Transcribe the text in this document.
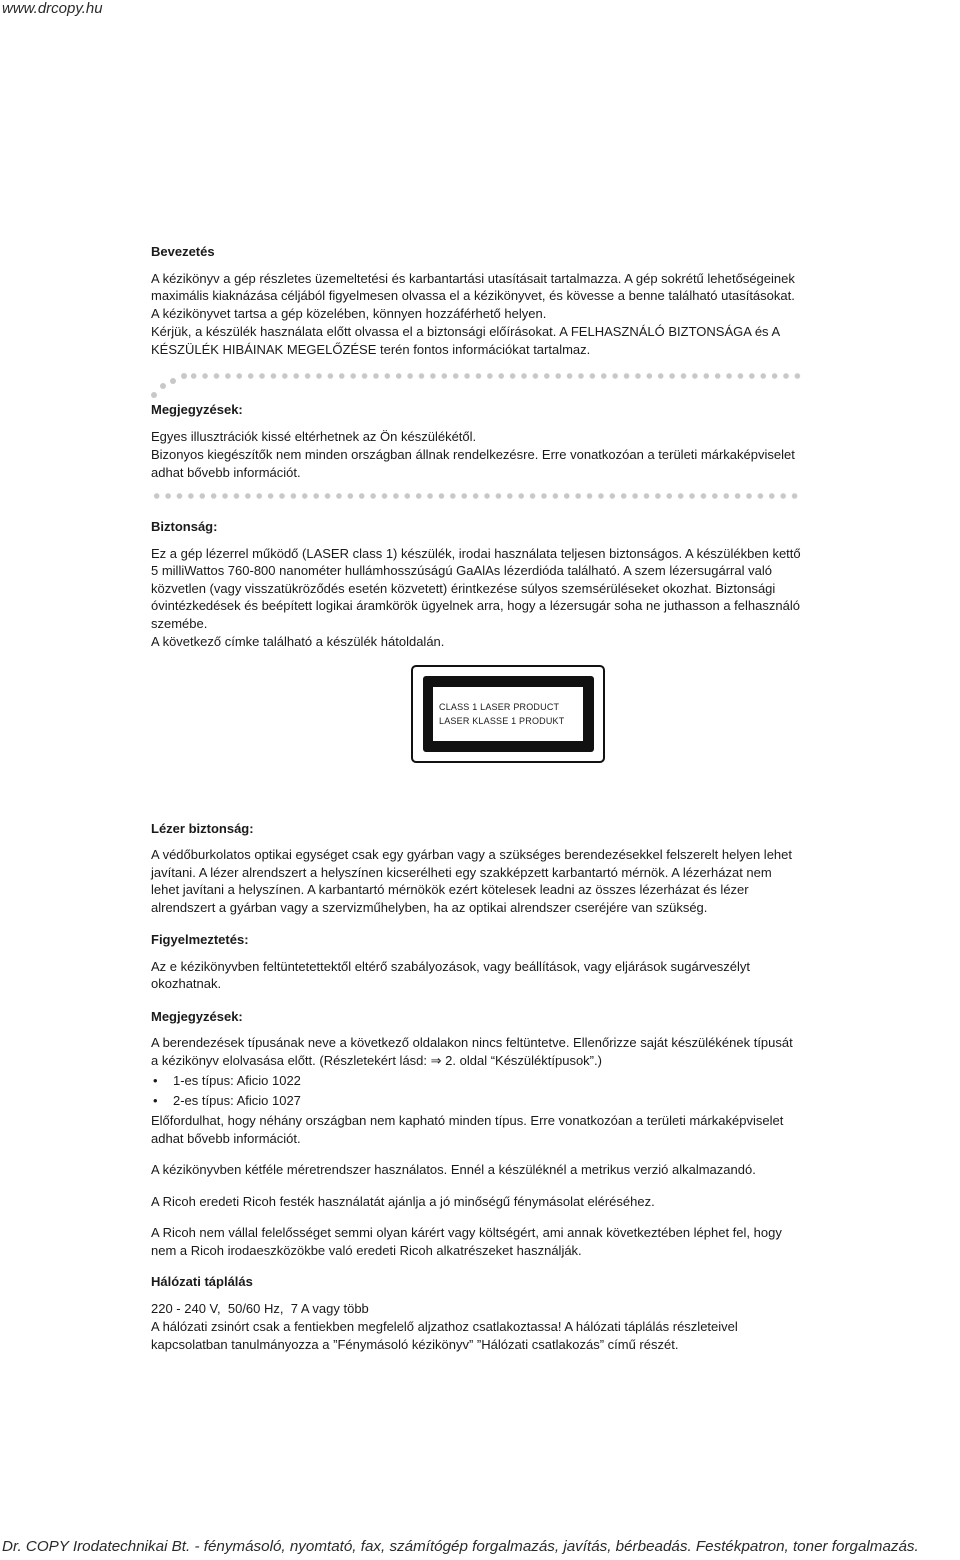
www.drcopy.hu
Bevezetés

A kézikönyv a gép részletes üzemeltetési és karbantartási utasításait tartalmazza. A gép sokrétű lehetőségeinek maximális kiaknázása céljából figyelmesen olvassa el a kézikönyvet, és kövesse a benne található utasításokat. A kézikönyvet tartsa a gép közelében, könnyen hozzáférhető helyen.

Kérjük, a készülék használata előtt olvassa el a biztonsági előírásokat. A FELHASZNÁLÓ BIZTONSÁGA és A KÉSZÜLÉK HIBÁINAK MEGELŐZÉSE terén fontos információkat tartalmaz.

Megjegyzések:

Egyes illusztrációk kissé eltérhetnek az Ön készülékétől.

Bizonyos kiegészítők nem minden országban állnak rendelkezésre. Erre vonatkozóan a területi márkaképviselet adhat bővebb információt.

Biztonság:

Ez a gép lézerrel működő (LASER class 1) készülék, irodai használata teljesen biztonságos. A készülékben kettő 5 milliWattos 760-800 nanométer hullámhosszúságú GaAlAs lézerdióda található. A szem lézersugárral való közvetlen (vagy visszatükröződés esetén közvetett) érintkezése súlyos szemsérüléseket okozhat. Biztonsági óvintézkedések és beépített logikai áramkörök ügyelnek arra, hogy a lézersugár soha ne juthasson a felhasználó szemébe.

A következő címke található a készülék hátoldalán.

CLASS 1 LASER PRODUCT
LASER KLASSE 1 PRODUKT
Lézer biztonság:

A védőburkolatos optikai egységet csak egy gyárban vagy a szükséges berendezésekkel felszerelt helyen lehet javítani. A lézer alrendszert a helyszínen kicserélheti egy szakképzett karbantartó mérnök. A lézerházat nem lehet javítani a helyszínen. A karbantartó mérnökök ezért kötelesek leadni az összes lézerházat és lézer alrendszert a gyárban vagy a szervizműhelyben, ha az optikai alrendszer cseréjére van szükség.

Figyelmeztetés:

Az e kézikönyvben feltüntetettektől eltérő szabályozások, vagy beállítások, vagy eljárások sugárveszélyt okozhatnak.

Megjegyzések:

A berendezések típusának neve a következő oldalakon nincs feltüntetve. Ellenőrizze saját készülékének típusát a kézikönyv elolvasása előtt. (Részletekért lásd: ⇒ 2. oldal “Készüléktípusok”.)

• 1-es típus: Aficio 1022
• 2-es típus: Aficio 1027

Előfordulhat, hogy néhány országban nem kapható minden típus. Erre vonatkozóan a területi márkaképviselet adhat bővebb információt.

A kézikönyvben kétféle méretrendszer használatos. Ennél a készüléknél a metrikus verzió alkalmazandó.

A Ricoh eredeti Ricoh festék használatát ajánlja a jó minőségű fénymásolat eléréséhez.

A Ricoh nem vállal felelősséget semmi olyan kárért vagy költségért, ami annak következtében léphet fel, hogy nem a Ricoh irodaeszközökbe való eredeti Ricoh alkatrészeket használják.

Hálózati táplálás

220 - 240 V,  50/60 Hz,  7 A vagy több

A hálózati zsinórt csak a fentiekben megfelelő aljzathoz csatlakoztassa! A hálózati táplálás részleteivel kapcsolatban tanulmányozza a ”Fénymásoló kézikönyv” ”Hálózati csatlakozás” című részét.

Dr. COPY Irodatechnikai Bt. - fénymásoló, nyomtató, fax, számítógép forgalmazás, javítás, bérbeadás. Festékpatron, toner forgalmazás.
